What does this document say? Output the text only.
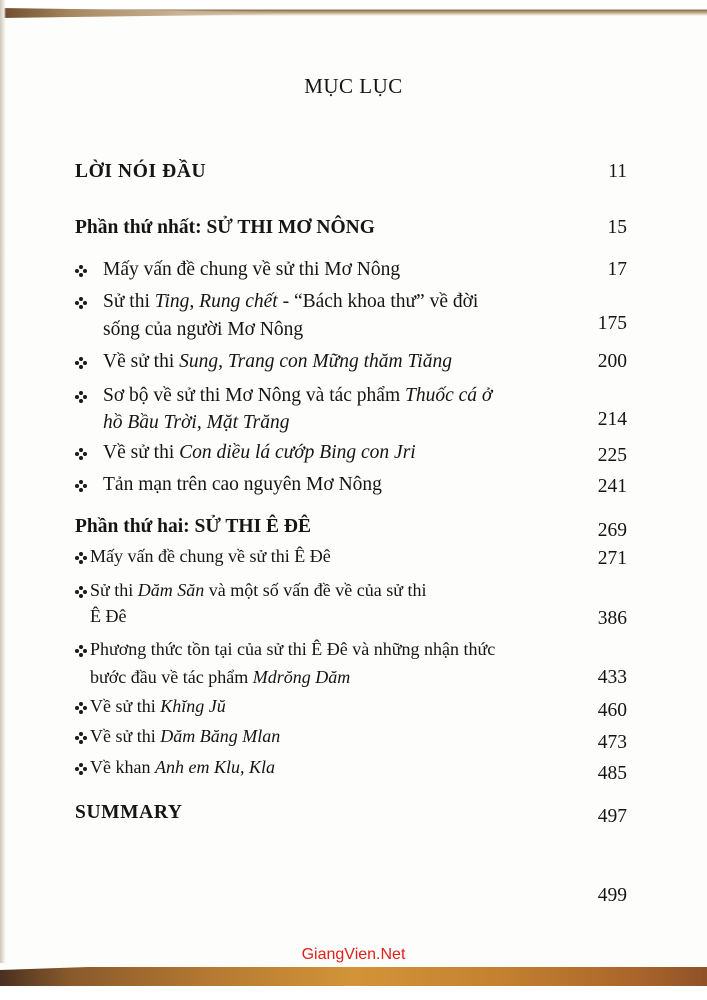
MỤC LỤC
LỜI NÓI ĐẦU	11
Phần thứ nhất: SỬ THI MƠ NÔNG	15
Mấy vấn đề chung về sử thi Mơ Nông	17
Sử thi Ting, Rung chết - “Bách khoa thư” về đời
sống của người Mơ Nông	175
Về sử thi Sung, Trang con Mững thăm Tiăng	200
Sơ bộ về sử thi Mơ Nông và tác phẩm Thuốc cá ở
hồ Bầu Trời, Mặt Trăng	214
Về sử thi Con diều lá cướp Bing con Jri	225
Tản mạn trên cao nguyên Mơ Nông	241
Phần thứ hai: SỬ THI Ê ĐÊ	269
Mấy vấn đề chung về sử thi Ê Đê	271
Sử thi Dăm Săn và một số vấn đề về của sử thi
Ê Đê	386
Phương thức tồn tại của sử thi Ê Đê và những nhận thức
bước đầu về tác phẩm Mdrŏng Dăm	433
Về sử thi Khĭng Jŭ	460
Về sử thi Dăm Băng Mlan	473
Về khan Anh em Klu, Kla	485
SUMMARY	497
499
GiangVien.Net
